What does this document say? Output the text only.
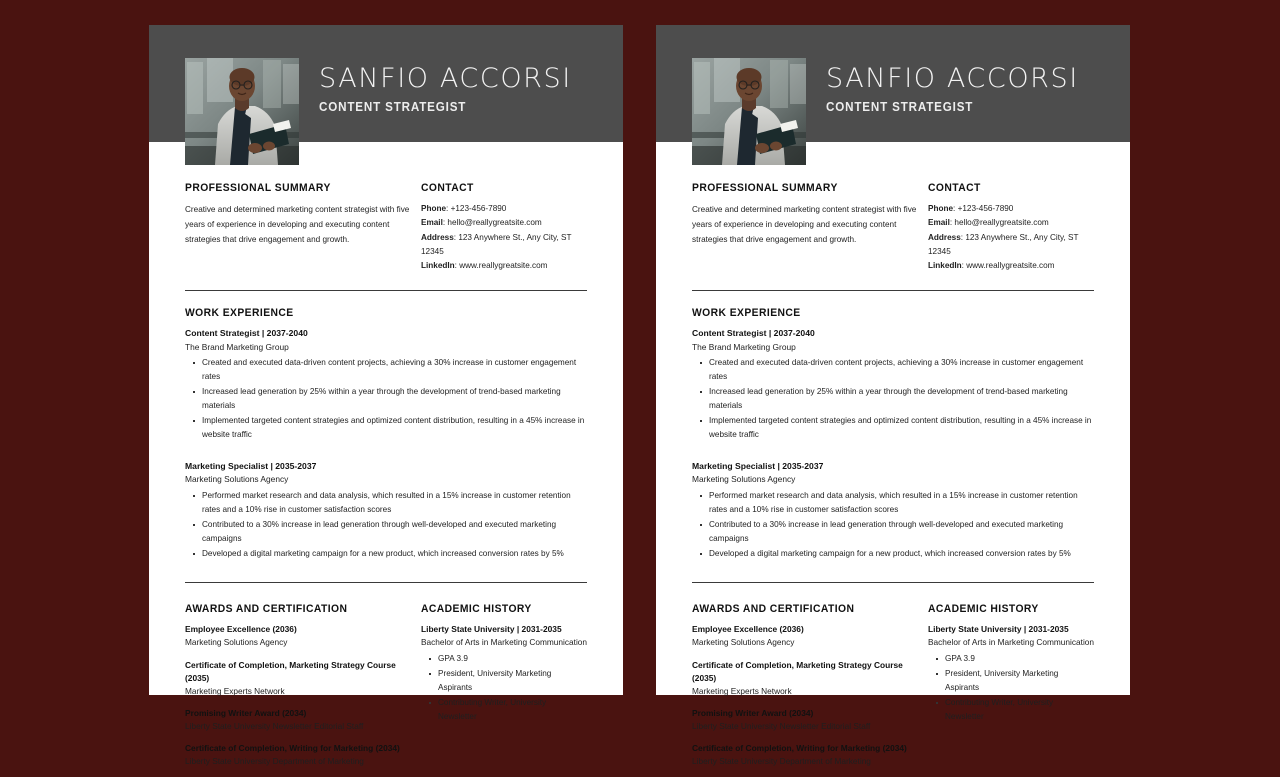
SANFIO ACCORSI
CONTENT STRATEGIST
PROFESSIONAL SUMMARY
Creative and determined marketing content strategist with five years of experience in developing and executing content strategies that drive engagement and growth.
CONTACT
Phone: +123-456-7890
Email: hello@reallygreatsite.com
Address: 123 Anywhere St., Any City, ST 12345
LinkedIn: www.reallygreatsite.com
WORK EXPERIENCE
Content Strategist | 2037-2040
The Brand Marketing Group
Created and executed data-driven content projects, achieving a 30% increase in customer engagement rates
Increased lead generation by 25% within a year through the development of trend-based marketing materials
Implemented targeted content strategies and optimized content distribution, resulting in a 45% increase in website traffic
Marketing Specialist | 2035-2037
Marketing Solutions Agency
Performed market research and data analysis, which resulted in a 15% increase in customer retention rates and a 10% rise in customer satisfaction scores
Contributed to a 30% increase in lead generation through well-developed and executed marketing campaigns
Developed a digital marketing campaign for a new product, which increased conversion rates by 5%
AWARDS AND CERTIFICATION
Employee Excellence (2036)
Marketing Solutions Agency
Certificate of Completion, Marketing Strategy Course (2035)
Marketing Experts Network
Promising Writer Award (2034)
Liberty State University Newsletter Editorial Staff
Certificate of Completion, Writing for Marketing (2034)
Liberty State University Department of Marketing
ACADEMIC HISTORY
Liberty State University | 2031-2035
Bachelor of Arts in Marketing Communication
GPA 3.9
President, University Marketing Aspirants
Contributing Writer, University Newsletter
SANFIO ACCORSI
CONTENT STRATEGIST
PROFESSIONAL SUMMARY
Creative and determined marketing content strategist with five years of experience in developing and executing content strategies that drive engagement and growth.
CONTACT
Phone: +123-456-7890
Email: hello@reallygreatsite.com
Address: 123 Anywhere St., Any City, ST 12345
LinkedIn: www.reallygreatsite.com
WORK EXPERIENCE
Content Strategist | 2037-2040
The Brand Marketing Group
Created and executed data-driven content projects, achieving a 30% increase in customer engagement rates
Increased lead generation by 25% within a year through the development of trend-based marketing materials
Implemented targeted content strategies and optimized content distribution, resulting in a 45% increase in website traffic
Marketing Specialist | 2035-2037
Marketing Solutions Agency
Performed market research and data analysis, which resulted in a 15% increase in customer retention rates and a 10% rise in customer satisfaction scores
Contributed to a 30% increase in lead generation through well-developed and executed marketing campaigns
Developed a digital marketing campaign for a new product, which increased conversion rates by 5%
AWARDS AND CERTIFICATION
Employee Excellence (2036)
Marketing Solutions Agency
Certificate of Completion, Marketing Strategy Course (2035)
Marketing Experts Network
Promising Writer Award (2034)
Liberty State University Newsletter Editorial Staff
Certificate of Completion, Writing for Marketing (2034)
Liberty State University Department of Marketing
ACADEMIC HISTORY
Liberty State University | 2031-2035
Bachelor of Arts in Marketing Communication
GPA 3.9
President, University Marketing Aspirants
Contributing Writer, University Newsletter
